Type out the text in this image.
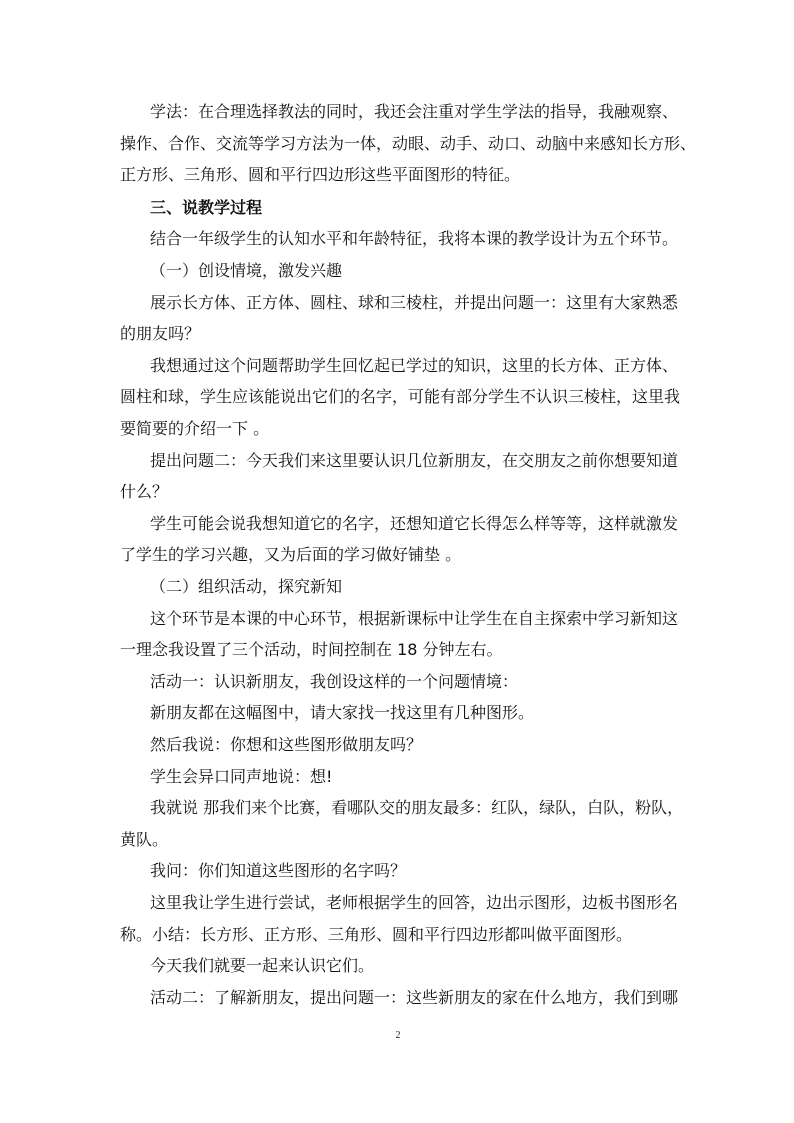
学法：在合理选择教法的同时，我还会注重对学生学法的指导，我融观察、
操作、合作、交流等学习方法为一体，动眼、动手、动口、动脑中来感知长方形、
正方形、三角形、圆和平行四边形这些平面图形的特征。
三、说教学过程
结合一年级学生的认知水平和年龄特征，我将本课的教学设计为五个环节。
（一）创设情境，激发兴趣
展示长方体、正方体、圆柱、球和三棱柱，并提出问题一：这里有大家熟悉
的朋友吗？
我想通过这个问题帮助学生回忆起已学过的知识，这里的长方体、正方体、
圆柱和球，学生应该能说出它们的名字，可能有部分学生不认识三棱柱，这里我
要简要的介绍一下 。
提出问题二：今天我们来这里要认识几位新朋友，在交朋友之前你想要知道
什么？
学生可能会说我想知道它的名字，还想知道它长得怎么样等等，这样就激发
了学生的学习兴趣，又为后面的学习做好铺垫 。
（二）组织活动，探究新知
这个环节是本课的中心环节，根据新课标中让学生在自主探索中学习新知这
一理念我设置了三个活动，时间控制在 18 分钟左右。
活动一：认识新朋友，我创设这样的一个问题情境：
新朋友都在这幅图中，请大家找一找这里有几种图形。
然后我说：你想和这些图形做朋友吗？
学生会异口同声地说：想!
我就说 那我们来个比赛，看哪队交的朋友最多：红队，绿队，白队，粉队，
黄队。
我问：你们知道这些图形的名字吗？
这里我让学生进行尝试，老师根据学生的回答，边出示图形，边板书图形名
称。小结：长方形、正方形、三角形、圆和平行四边形都叫做平面图形。
今天我们就要一起来认识它们。
活动二：了解新朋友，提出问题一：这些新朋友的家在什么地方，我们到哪
2
